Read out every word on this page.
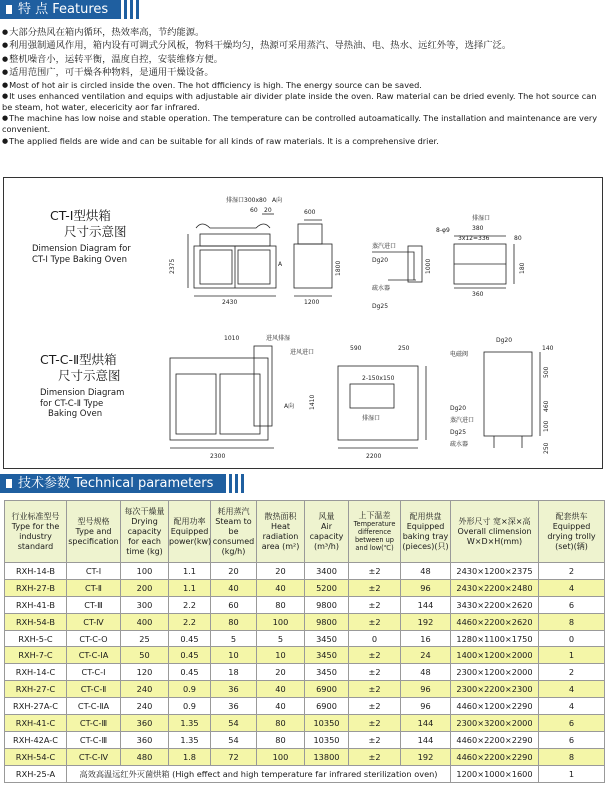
特 点 Features

● 大部分热风在箱内循环，热效率高，节约能源。

● 利用强制通风作用，箱内设有可调式分风板，物料干燥均匀，热源可采用蒸汽、导热油、电、热水、远红外等，选择广泛。

● 整机噪音小，运转平衡，温度自控，安装维修方便。

● 适用范围广，可干燥各种物料，是通用干燥设备。

● Most of hot air is circled inside the oven. The hot dfficiency is high. The energy source can be saved.

● It uses enhanced ventilation and equips with adjustable air divider plate inside the oven. Raw material can be dried evenly. The hot source can be steam, hot water, elecericity aor far infrared.

● The machine has low noise and stable operation. The temperature can be controlled autoamatically. The installation and maintenance are very convenient.

● The applied fields are wide and can be suitable for all kinds of raw materials. It is a comprehensive drier.

CT-Ⅰ型烘箱
尺寸示意图
Dimension Diagram for
CT-Ⅰ Type Baking Oven
CT-C-Ⅱ型烘箱
尺寸示意图
Dimension Diagram
for CT-C-Ⅱ Type
Baking Oven
排湿口300x80 A向
600
60 20
2375
2430
A
1200
1800
蒸汽进口
Dg20
疏水器
Dg25
1000
8-φ9	380
3x12=336
180
360
排湿口
80
1010	进风排湿
590	250	140
Dg20
进风进口
2-150x150
排湿口
A向 1410
2300	2200
电磁阀
Dg20
蒸汽进口
Dg25
疏水器
500
460
100
250
技术参数 Technical parameters
行业标准型号
Type for the industry standard	型号规格
Type and specification	每次干燥量
Drying capacity for each time (kg)	配用功率
Equipped power(kw)	耗用蒸汽
Steam to be consumed (kg/h)	散热面积
Heat radiation area (m²)	风量
Air capacity (m³/h)	上下温差
Temperature difference between up and low(℃)	配用烘盘
Equipped baking tray (pieces)(只)	外形尺寸 宽×深×高
Overall climension W×D×H(mm)	配套烘车
Equipped drying trolly (set)(辆)
RXH-14-B	CT-Ⅰ	100	1.1	20	20	3400	±2	48	2430×1200×2375	2
RXH-27-B	CT-Ⅱ	200	1.1	40	40	5200	±2	96	2430×2200×2480	4
RXH-41-B	CT-Ⅲ	300	2.2	60	80	9800	±2	144	3430×2200×2620	6
RXH-54-B	CT-Ⅳ	400	2.2	80	100	9800	±2	192	4460×2200×2620	8
RXH-5-C	CT-C-O	25	0.45	5	5	3450	0	16	1280×1100×1750	0
RXH-7-C	CT-C-ⅠA	50	0.45	10	10	3450	±2	24	1400×1200×2000	1
RXH-14-C	CT-C-Ⅰ	120	0.45	18	20	3450	±2	48	2300×1200×2000	2
RXH-27-C	CT-C-Ⅱ	240	0.9	36	40	6900	±2	96	2300×2200×2300	4
RXH-27A-C	CT-C-ⅡA	240	0.9	36	40	6900	±2	96	4460×1200×2290	4
RXH-41-C	CT-C-Ⅲ	360	1.35	54	80	10350	±2	144	2300×3200×2000	6
RXH-42A-C	CT-C-Ⅲ	360	1.35	54	80	10350	±2	144	4460×2200×2290	6
RXH-54-C	CT-C-Ⅳ	480	1.8	72	100	13800	±2	192	4460×2200×2290	8
RXH-25-A	高效高温远红外灭菌烘箱 (High effect and high temperature far infrared sterilization oven)								1200×1000×1600	1
